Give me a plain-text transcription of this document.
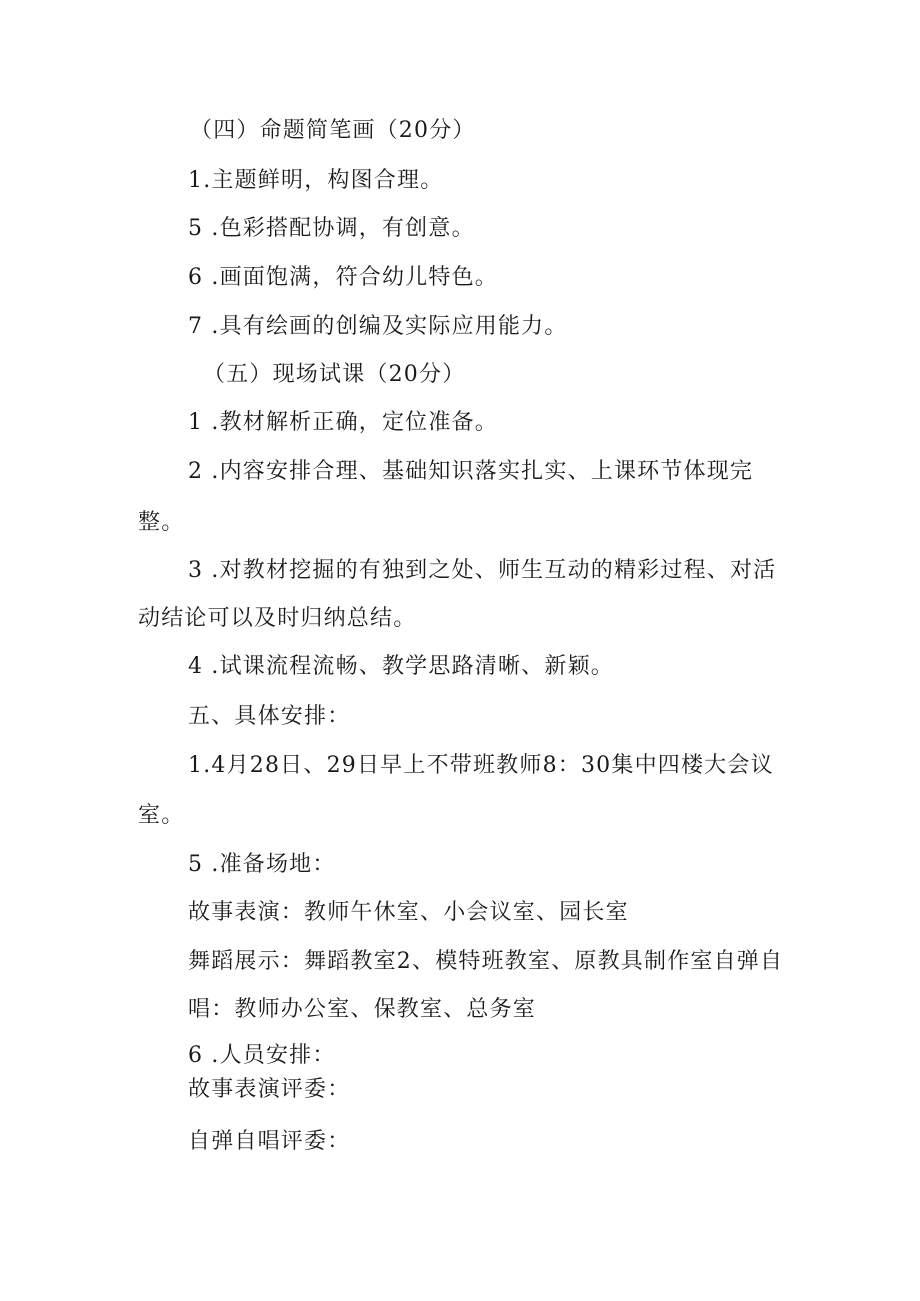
（四）命题简笔画（20分）
1.主题鲜明，构图合理。
5 .色彩搭配协调，有创意。
6 .画面饱满，符合幼儿特色。
7 .具有绘画的创编及实际应用能力。
（五）现场试课（20分）
1 .教材解析正确，定位准备。
2 .内容安排合理、基础知识落实扎实、上课环节体现完
整。
3 .对教材挖掘的有独到之处、师生互动的精彩过程、对活
动结论可以及时归纳总结。
4 .试课流程流畅、教学思路清晰、新颖。
五、具体安排：
1.4月28日、29日早上不带班教师8：30集中四楼大会议
室。
5 .准备场地：
故事表演：教师午休室、小会议室、园长室
舞蹈展示：舞蹈教室2、模特班教室、原教具制作室自弹自
唱：教师办公室、保教室、总务室
6 .人员安排：
故事表演评委：
自弹自唱评委：
